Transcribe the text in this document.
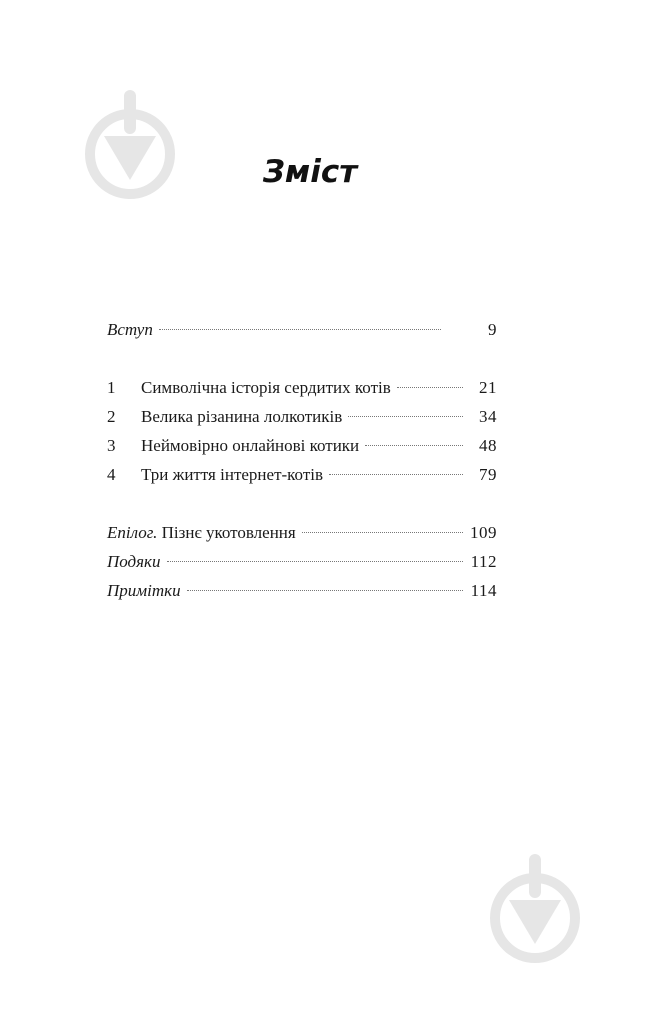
Зміст
Вступ	9
1	Символічна історія сердитих котів	21
2	Велика різанина лолкотиків	34
3	Неймовірно онлайнові котики	48
4	Три життя інтернет-котів	79
Епілог. Пізнє укотовлення	109
Подяки	112
Примітки	114
